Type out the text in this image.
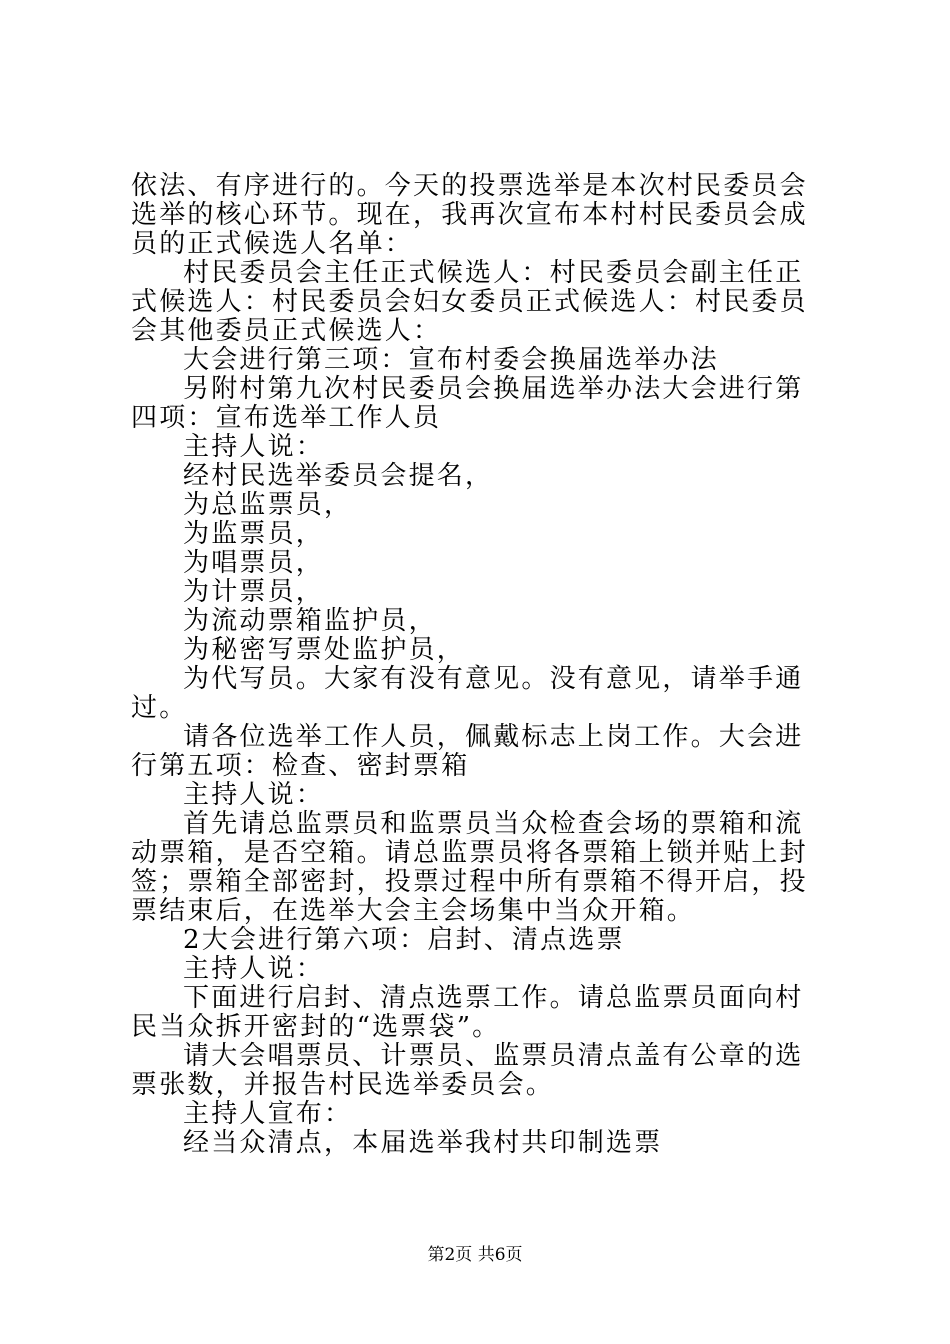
依法、有序进行的。今天的投票选举是本次村民委员会选举的核心环节。现在，我再次宣布本村村民委员会成员的正式候选人名单：

村民委员会主任正式候选人：村民委员会副主任正式候选人：村民委员会妇女委员正式候选人：村民委员会其他委员正式候选人：

大会进行第三项：宣布村委会换届选举办法

另附村第九次村民委员会换届选举办法大会进行第四项：宣布选举工作人员

主持人说：

经村民选举委员会提名，

为总监票员，

为监票员，

为唱票员，

为计票员，

为流动票箱监护员，

为秘密写票处监护员，

为代写员。大家有没有意见。没有意见，请举手通过。

请各位选举工作人员，佩戴标志上岗工作。大会进行第五项：检查、密封票箱

主持人说：

首先请总监票员和监票员当众检查会场的票箱和流动票箱，是否空箱。请总监票员将各票箱上锁并贴上封签；票箱全部密封，投票过程中所有票箱不得开启，投票结束后，在选举大会主会场集中当众开箱。

2大会进行第六项：启封、清点选票

主持人说：

下面进行启封、清点选票工作。请总监票员面向村民当众拆开密封的“选票袋”。

请大会唱票员、计票员、监票员清点盖有公章的选票张数，并报告村民选举委员会。

主持人宣布：

经当众清点，本届选举我村共印制选票

第2页 共6页
